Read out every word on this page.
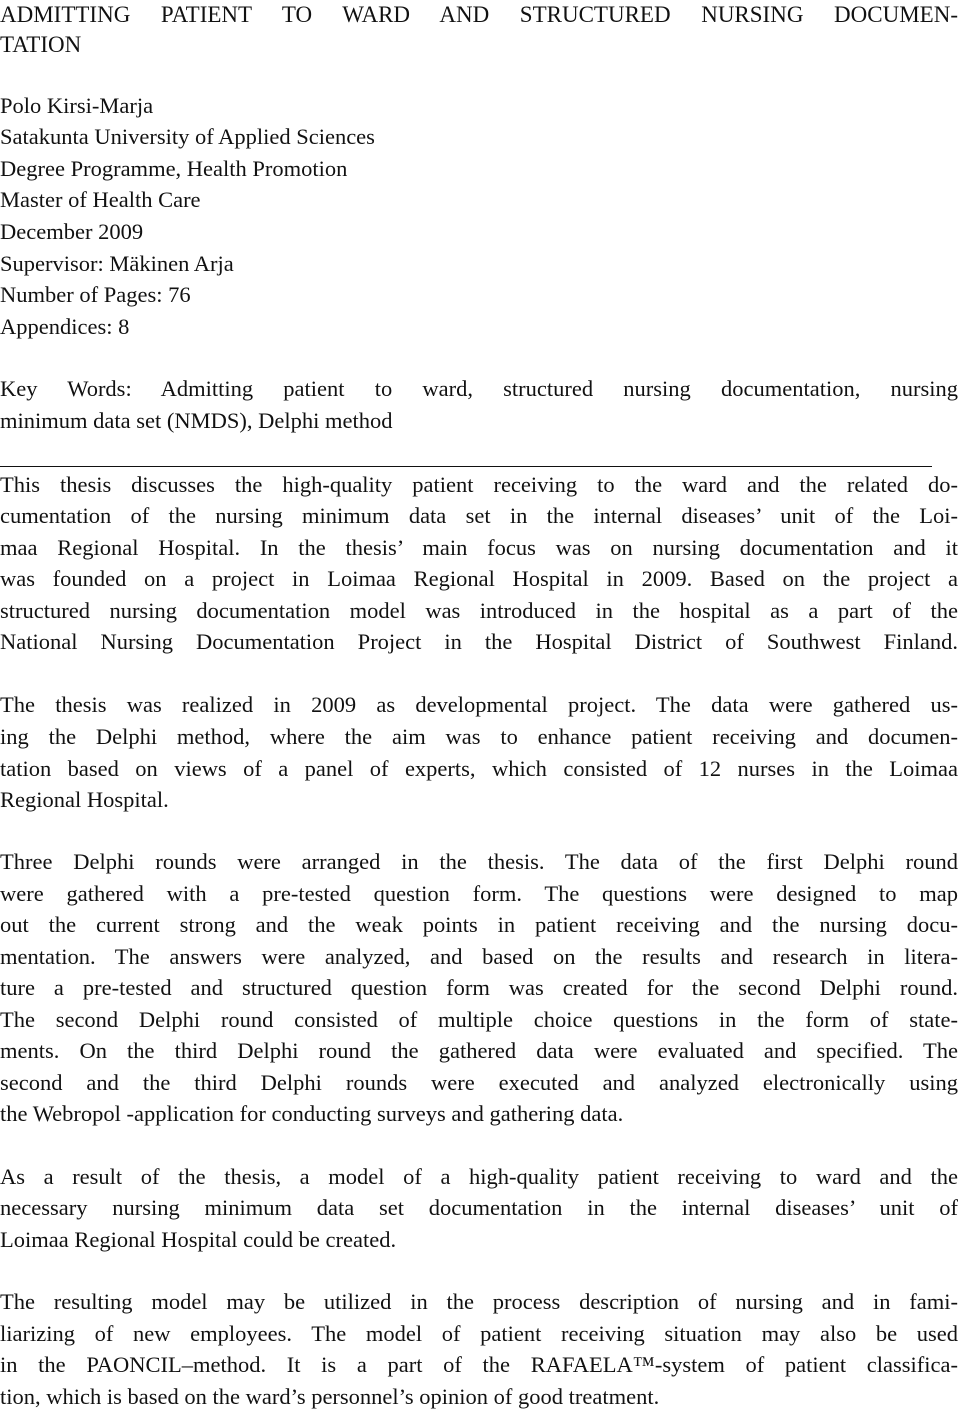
ADMITTING PATIENT TO WARD AND STRUCTURED NURSING DOCUMEN-
TATION
Polo Kirsi-Marja
Satakunta University of Applied Sciences
Degree Programme, Health Promotion
Master of Health Care
December 2009
Supervisor: Mäkinen Arja
Number of Pages: 76
Appendices: 8
Key Words: Admitting patient to ward, structured nursing documentation, nursing
minimum data set (NMDS), Delphi method
This thesis discusses the high-quality patient receiving to the ward and the related do-
cumentation of the nursing minimum data set in the internal diseases’ unit of the Loi-
maa Regional Hospital. In the thesis’ main focus was on nursing documentation and it
was founded on a project in Loimaa Regional Hospital in 2009. Based on the project a
structured nursing documentation model was introduced in the hospital as a part of the
National Nursing Documentation Project in the Hospital District of Southwest Finland.
The thesis was realized in 2009 as developmental project. The data were gathered us-
ing the Delphi method, where the aim was to enhance patient receiving and documen-
tation based on views of a panel of experts, which consisted of 12 nurses in the Loimaa
Regional Hospital.
Three Delphi rounds were arranged in the thesis. The data of the first Delphi round
were gathered with a pre-tested question form. The questions were designed to map
out the current strong and the weak points in patient receiving and the nursing docu-
mentation. The answers were analyzed, and based on the results and research in litera-
ture a pre-tested and structured question form was created for the second Delphi round.
The second Delphi round consisted of multiple choice questions in the form of state-
ments. On the third Delphi round the gathered data were evaluated and specified. The
second and the third Delphi rounds were executed and analyzed electronically using
the Webropol -application for conducting surveys and gathering data.
As a result of the thesis, a model of a high-quality patient receiving to ward and the
necessary nursing minimum data set documentation in the internal diseases’ unit of
Loimaa Regional Hospital could be created.
The resulting model may be utilized in the process description of nursing and in fami-
liarizing of new employees. The model of patient receiving situation may also be used
in the PAONCIL–method. It is a part of the RAFAELA™-system of patient classifica-
tion, which is based on the ward’s personnel’s opinion of good treatment.
